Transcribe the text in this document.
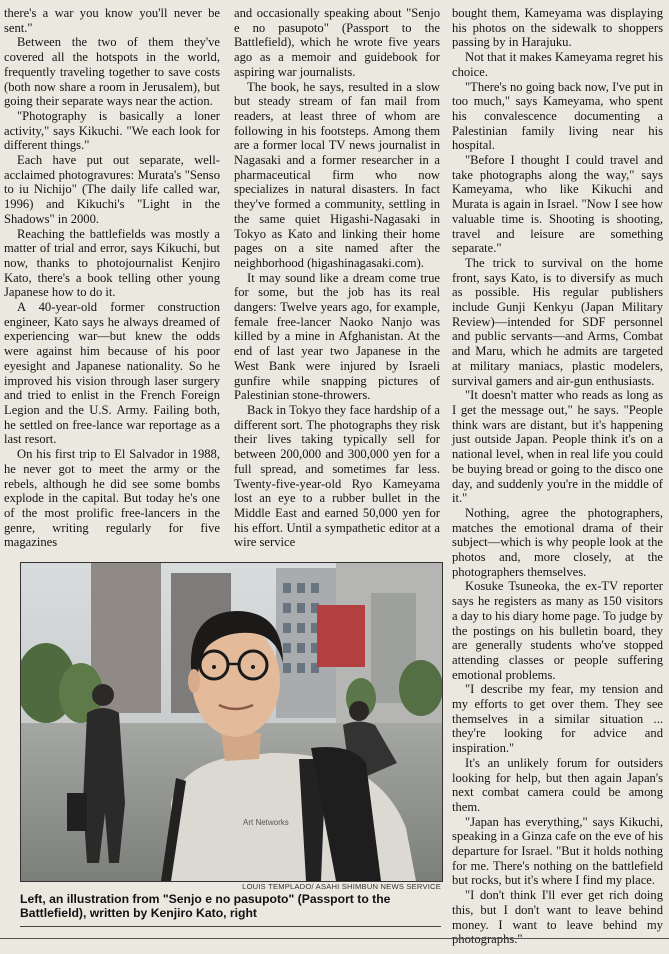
there's a war you know you'll never be sent."

Between the two of them they've covered all the hotspots in the world, frequently traveling together to save costs (both now share a room in Jerusalem), but going their separate ways near the action.

"Photography is basically a loner activity," says Kikuchi. "We each look for different things."

Each have put out separate, well-acclaimed photogravures: Murata's "Senso to iu Nichijo" (The daily life called war, 1996) and Kikuchi's "Light in the Shadows" in 2000.

Reaching the battlefields was mostly a matter of trial and error, says Kikuchi, but now, thanks to photojournalist Kenjiro Kato, there's a book telling other young Japanese how to do it.

A 40-year-old former construction engineer, Kato says he always dreamed of experiencing war—but knew the odds were against him because of his poor eyesight and Japanese nationality. So he improved his vision through laser surgery and tried to enlist in the French Foreign Legion and the U.S. Army. Failing both, he settled on free-lance war reportage as a last resort.

On his first trip to El Salvador in 1988, he never got to meet the army or the rebels, although he did see some bombs explode in the capital. But today he's one of the most prolific free-lancers in the genre, writing regularly for five magazines

and occasionally speaking about "Senjo e no pasupoto" (Passport to the Battlefield), which he wrote five years ago as a memoir and guidebook for aspiring war journalists.

The book, he says, resulted in a slow but steady stream of fan mail from readers, at least three of whom are following in his footsteps. Among them are a former local TV news journalist in Nagasaki and a former researcher in a pharmaceutical firm who now specializes in natural disasters. In fact they've formed a community, settling in the same quiet Higashi-Nagasaki in Tokyo as Kato and linking their home pages on a site named after the neighborhood (higashinagasaki.com).

It may sound like a dream come true for some, but the job has its real dangers: Twelve years ago, for example, female free-lancer Naoko Nanjo was killed by a mine in Afghanistan. At the end of last year two Japanese in the West Bank were injured by Israeli gunfire while snapping pictures of Palestinian stone-throwers.

Back in Tokyo they face hardship of a different sort. The photographs they risk their lives taking typically sell for between 200,000 and 300,000 yen for a full spread, and sometimes far less. Twenty-five-year-old Ryo Kameyama lost an eye to a rubber bullet in the Middle East and earned 50,000 yen for his effort. Until a sympathetic editor at a wire service

bought them, Kameyama was displaying his photos on the sidewalk to shoppers passing by in Harajuku.

Not that it makes Kameyama regret his choice.

"There's no going back now, I've put in too much," says Kameyama, who spent his convalescence documenting a Palestinian family living near his hospital.

"Before I thought I could travel and take photographs along the way," says Kameyama, who like Kikuchi and Murata is again in Israel. "Now I see how valuable time is. Shooting is shooting, travel and leisure are something separate."

The trick to survival on the home front, says Kato, is to diversify as much as possible. His regular publishers include Gunji Kenkyu (Japan Military Review)—intended for SDF personnel and public servants—and Arms, Combat and Maru, which he admits are targeted at military maniacs, plastic modelers, survival gamers and air-gun enthusiasts.

"It doesn't matter who reads as long as I get the message out," he says. "People think wars are distant, but it's happening just outside Japan. People think it's on a national level, when in real life you could be buying bread or going to the disco one day, and suddenly you're in the middle of it."

Nothing, agree the photographers, matches the emotional drama of their subject—which is why people look at the photos and, more closely, at the photographers themselves.

Kosuke Tsuneoka, the ex-TV reporter says he registers as many as 150 visitors a day to his diary home page. To judge by the postings on his bulletin board, they are generally students who've stopped attending classes or people suffering emotional problems.

"I describe my fear, my tension and my efforts to get over them. They see themselves in a similar situation ... they're looking for advice and inspiration."

It's an unlikely forum for outsiders looking for help, but then again Japan's next combat camera could be among them.

"Japan has everything," says Kikuchi, speaking in a Ginza cafe on the eve of his departure for Israel. "But it holds nothing for me. There's nothing on the battlefield but rocks, but it's where I find my place.

"I don't think I'll ever get rich doing this, but I don't want to leave behind money. I want to leave behind my photographs."

Art Networks
LOUIS TEMPLADO/ ASAHI SHIMBUN NEWS SERVICE
Left, an illustration from "Senjo e no pasupoto" (Passport to the Battlefield), written by Kenjiro Kato, right
